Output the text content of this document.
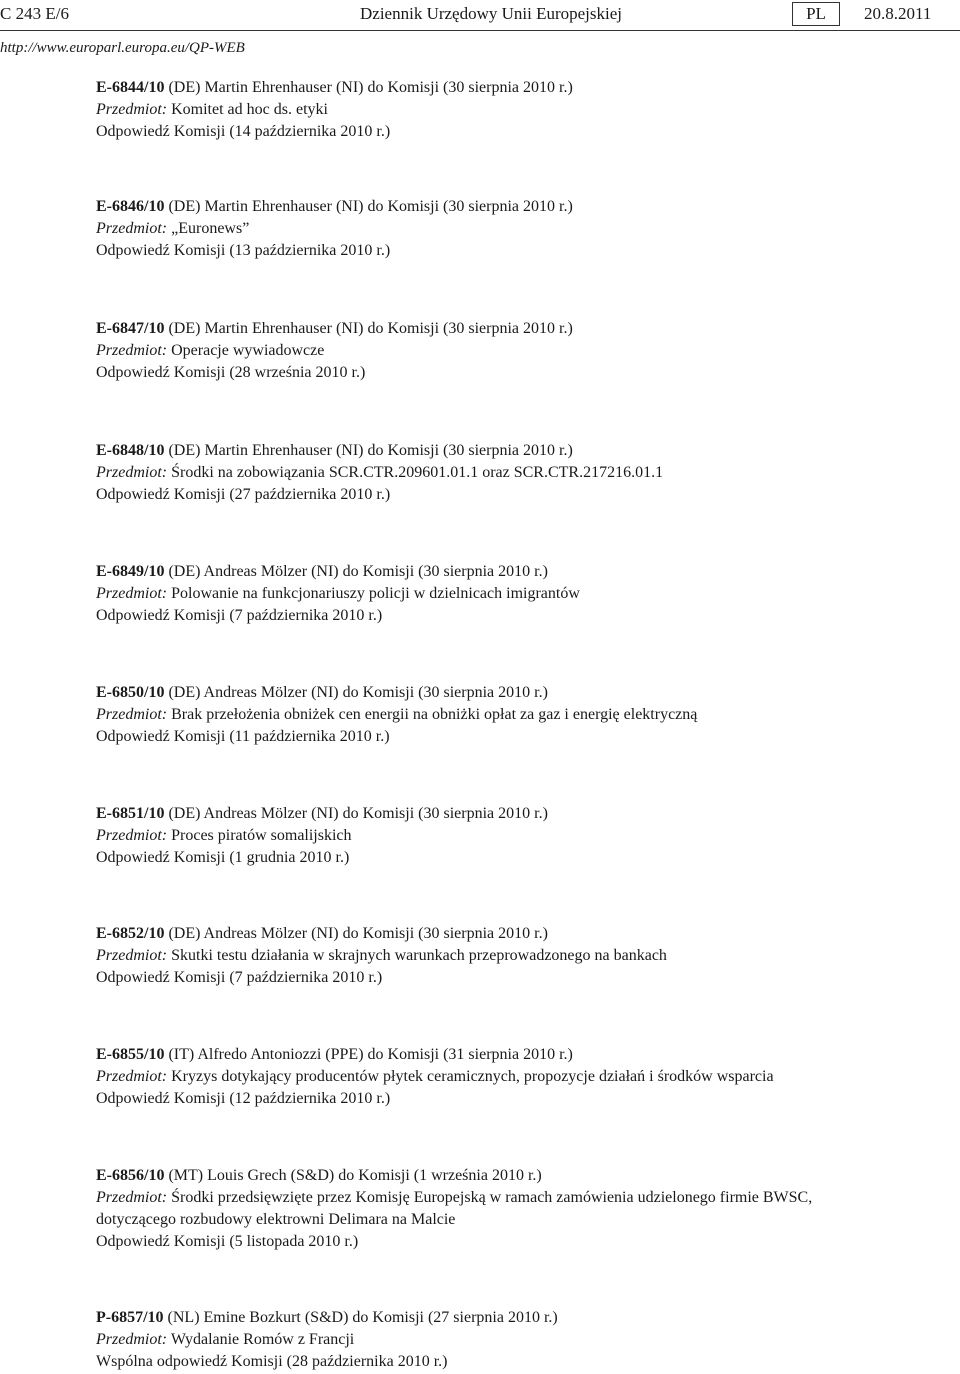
C 243 E/6	Dziennik Urzędowy Unii Europejskiej	PL	20.8.2011
http://www.europarl.europa.eu/QP-WEB
E-6844/10 (DE) Martin Ehrenhauser (NI) do Komisji (30 sierpnia 2010 r.)
Przedmiot: Komitet ad hoc ds. etyki
Odpowiedź Komisji (14 października 2010 r.)
E-6846/10 (DE) Martin Ehrenhauser (NI) do Komisji (30 sierpnia 2010 r.)
Przedmiot: „Euronews”
Odpowiedź Komisji (13 października 2010 r.)
E-6847/10 (DE) Martin Ehrenhauser (NI) do Komisji (30 sierpnia 2010 r.)
Przedmiot: Operacje wywiadowcze
Odpowiedź Komisji (28 września 2010 r.)
E-6848/10 (DE) Martin Ehrenhauser (NI) do Komisji (30 sierpnia 2010 r.)
Przedmiot: Środki na zobowiązania SCR.CTR.209601.01.1 oraz SCR.CTR.217216.01.1
Odpowiedź Komisji (27 października 2010 r.)
E-6849/10 (DE) Andreas Mölzer (NI) do Komisji (30 sierpnia 2010 r.)
Przedmiot: Polowanie na funkcjonariuszy policji w dzielnicach imigrantów
Odpowiedź Komisji (7 października 2010 r.)
E-6850/10 (DE) Andreas Mölzer (NI) do Komisji (30 sierpnia 2010 r.)
Przedmiot: Brak przełożenia obniżek cen energii na obniżki opłat za gaz i energię elektryczną
Odpowiedź Komisji (11 października 2010 r.)
E-6851/10 (DE) Andreas Mölzer (NI) do Komisji (30 sierpnia 2010 r.)
Przedmiot: Proces piratów somalijskich
Odpowiedź Komisji (1 grudnia 2010 r.)
E-6852/10 (DE) Andreas Mölzer (NI) do Komisji (30 sierpnia 2010 r.)
Przedmiot: Skutki testu działania w skrajnych warunkach przeprowadzonego na bankach
Odpowiedź Komisji (7 października 2010 r.)
E-6855/10 (IT) Alfredo Antoniozzi (PPE) do Komisji (31 sierpnia 2010 r.)
Przedmiot: Kryzys dotykający producentów płytek ceramicznych, propozycje działań i środków wsparcia
Odpowiedź Komisji (12 października 2010 r.)
E-6856/10 (MT) Louis Grech (S&D) do Komisji (1 września 2010 r.)
Przedmiot: Środki przedsięwzięte przez Komisję Europejską w ramach zamówienia udzielonego firmie BWSC, dotyczącego rozbudowy elektrowni Delimara na Malcie
Odpowiedź Komisji (5 listopada 2010 r.)
P-6857/10 (NL) Emine Bozkurt (S&D) do Komisji (27 sierpnia 2010 r.)
Przedmiot: Wydalanie Romów z Francji
Wspólna odpowiedź Komisji (28 października 2010 r.)
